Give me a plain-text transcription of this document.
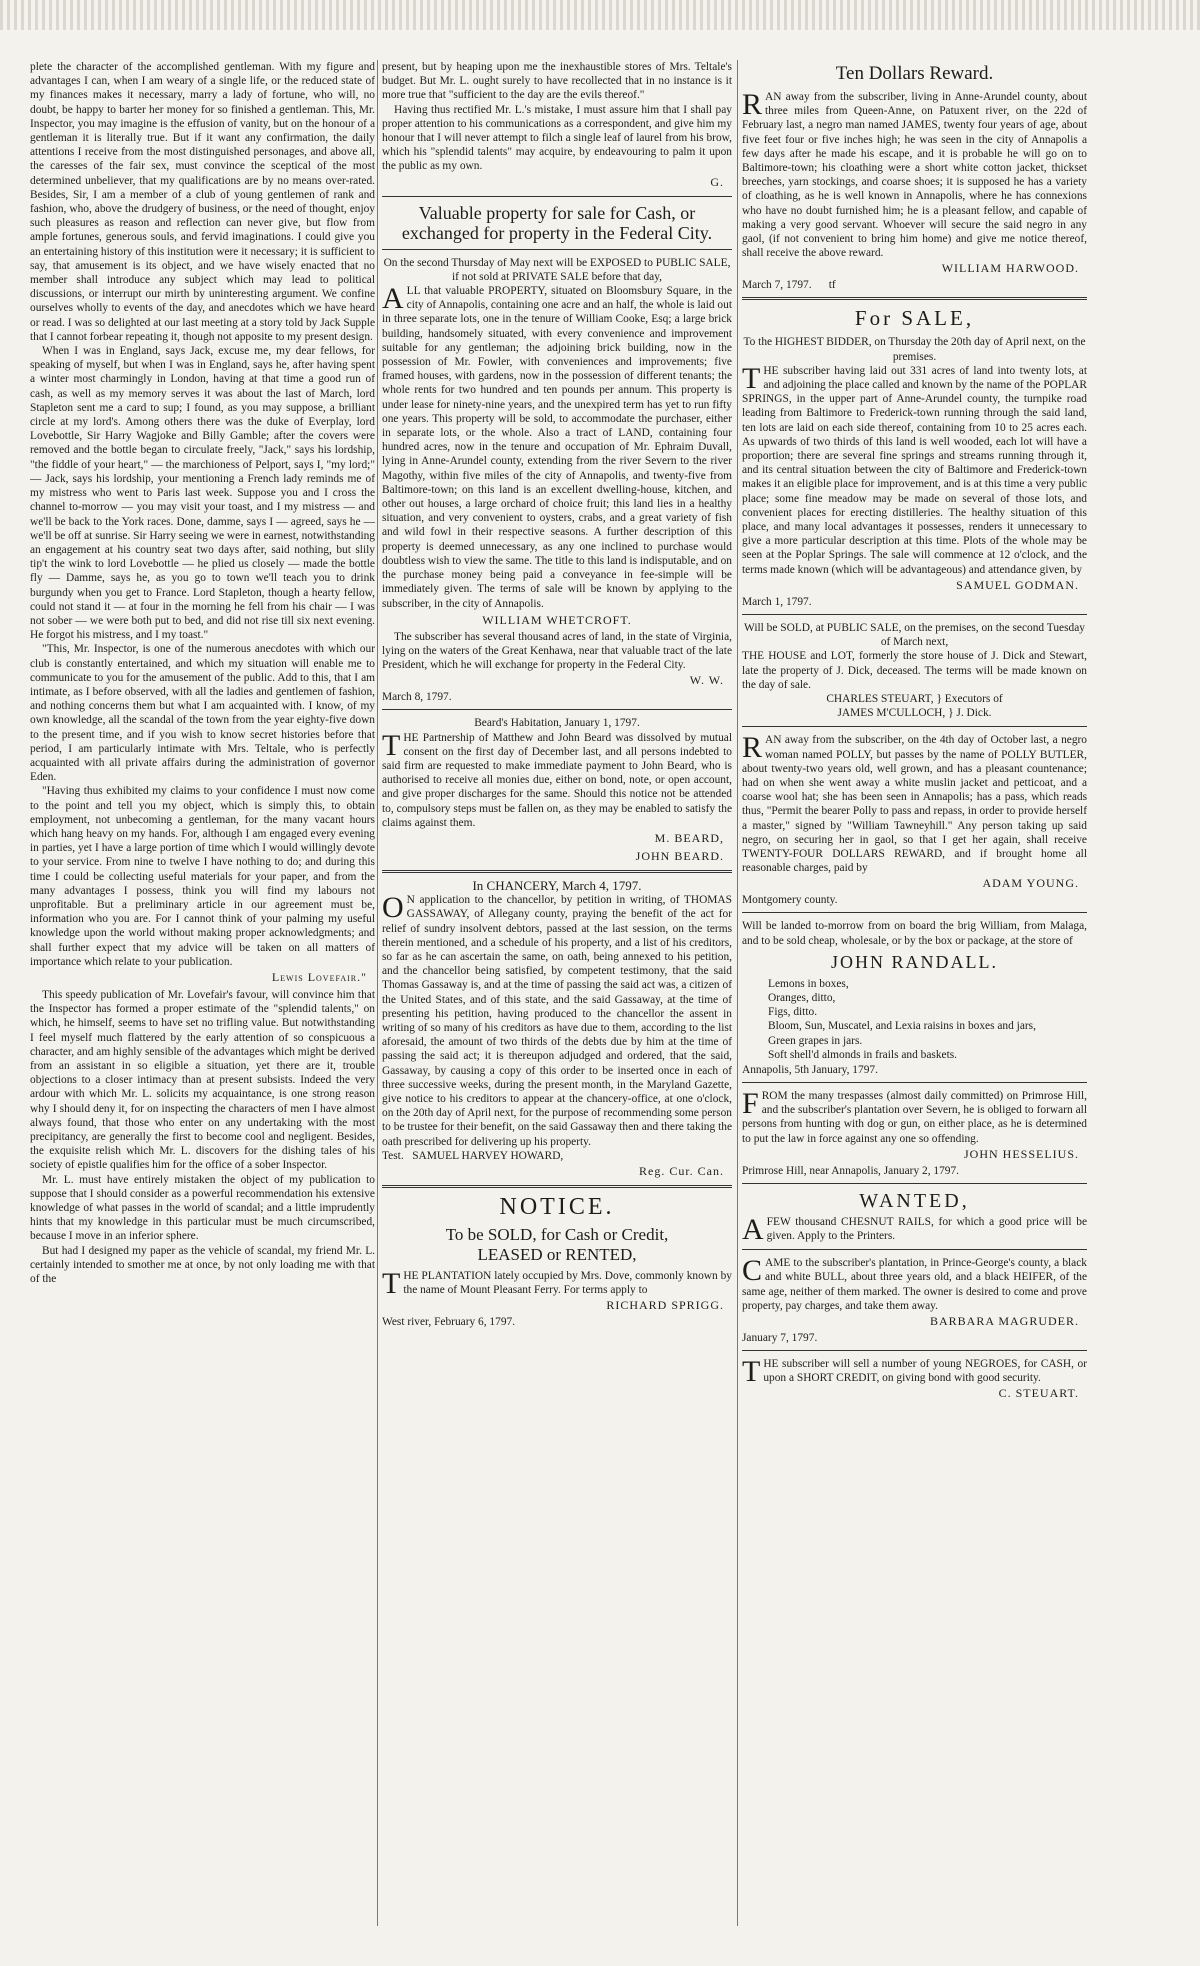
plete the character of the accomplished gentleman. With my figure and advantages I can, when I am weary of a single life, or the reduced state of my finances makes it necessary, marry a lady of fortune, who will, no doubt, be happy to barter her money for so finished a gentleman. This, Mr. Inspector, you may imagine is the effusion of vanity, but on the honour of a gentleman it is literally true. But if it want any confirmation, the daily attentions I receive from the most distinguished personages, and above all, the caresses of the fair sex, must convince the sceptical of the most determined unbeliever, that my qualifications are by no means over-rated. Besides, Sir, I am a member of a club of young gentlemen of rank and fashion, who, above the drudgery of business, or the need of thought, enjoy such pleasures as reason and reflection can never give, but flow from ample fortunes, generous souls, and fervid imaginations. I could give you an entertaining history of this institution were it necessary; it is sufficient to say, that amusement is its object, and we have wisely enacted that no member shall introduce any subject which may lead to political discussions, or interrupt our mirth by uninteresting argument. We confine ourselves wholly to events of the day, and anecdotes which we have heard or read. I was so delighted at our last meeting at a story told by Jack Supple that I cannot forbear repeating it, though not apposite to my present design.

When I was in England, says Jack, excuse me, my dear fellows, for speaking of myself, but when I was in England, says he, after having spent a winter most charmingly in London, having at that time a good run of cash, as well as my memory serves it was about the last of March, lord Stapleton sent me a card to sup; I found, as you may suppose, a brilliant circle at my lord's. Among others there was the duke of Everplay, lord Lovebottle, Sir Harry Wagjoke and Billy Gamble; after the covers were removed and the bottle began to circulate freely, "Jack," says his lordship, "the fiddle of your heart," — the marchioness of Pelport, says I, "my lord;" — Jack, says his lordship, your mentioning a French lady reminds me of my mistress who went to Paris last week. Suppose you and I cross the channel to-morrow — you may visit your toast, and I my mistress — and we'll be back to the York races. Done, damme, says I — agreed, says he — we'll be off at sunrise. Sir Harry seeing we were in earnest, notwithstanding an engagement at his country seat two days after, said nothing, but slily tip't the wink to lord Lovebottle — he plied us closely — made the bottle fly — Damme, says he, as you go to town we'll teach you to drink burgundy when you get to France. Lord Stapleton, though a hearty fellow, could not stand it — at four in the morning he fell from his chair — I was not sober — we were both put to bed, and did not rise till six next evening. He forgot his mistress, and I my toast."

"This, Mr. Inspector, is one of the numerous anecdotes with which our club is constantly entertained, and which my situation will enable me to communicate to you for the amusement of the public. Add to this, that I am intimate, as I before observed, with all the ladies and gentlemen of fashion, and nothing concerns them but what I am acquainted with. I know, of my own knowledge, all the scandal of the town from the year eighty-five down to the present time, and if you wish to know secret histories before that period, I am particularly intimate with Mrs. Teltale, who is perfectly acquainted with all private affairs during the administration of governor Eden.

"Having thus exhibited my claims to your confidence I must now come to the point and tell you my object, which is simply this, to obtain employment, not unbecoming a gentleman, for the many vacant hours which hang heavy on my hands. For, although I am engaged every evening in parties, yet I have a large portion of time which I would willingly devote to your service. From nine to twelve I have nothing to do; and during this time I could be collecting useful materials for your paper, and from the many advantages I possess, think you will find my labours not unprofitable. But a preliminary article in our agreement must be, information who you are. For I cannot think of your palming my useful knowledge upon the world without making proper acknowledgments; and shall further expect that my advice will be taken on all matters of importance which relate to your publication.

Lewis Lovefair."

This speedy publication of Mr. Lovefair's favour, will convince him that the Inspector has formed a proper estimate of the "splendid talents," on which, he himself, seems to have set no trifling value. But notwithstanding I feel myself much flattered by the early attention of so conspicuous a character, and am highly sensible of the advantages which might be derived from an assistant in so eligible a situation, yet there are it, trouble objections to a closer intimacy than at present subsists. Indeed the very ardour with which Mr. L. solicits my acquaintance, is one strong reason why I should deny it, for on inspecting the characters of men I have almost always found, that those who enter on any undertaking with the most precipitancy, are generally the first to become cool and negligent. Besides, the exquisite relish which Mr. L. discovers for the dishing tales of his society of epistle qualifies him for the office of a sober Inspector.

Mr. L. must have entirely mistaken the object of my publication to suppose that I should consider as a powerful recommendation his extensive knowledge of what passes in the world of scandal; and a little imprudently hints that my knowledge in this particular must be much circumscribed, because I move in an inferior sphere.

But had I designed my paper as the vehicle of scandal, my friend Mr. L. certainly intended to smother me at once, by not only loading me with that of the

present, but by heaping upon me the inexhaustible stores of Mrs. Teltale's budget. But Mr. L. ought surely to have recollected that in no instance is it more true that "sufficient to the day are the evils thereof."

Having thus rectified Mr. L.'s mistake, I must assure him that I shall pay proper attention to his communications as a correspondent, and give him my honour that I will never attempt to filch a single leaf of laurel from his brow, which his "splendid talents" may acquire, by endeavouring to palm it upon the public as my own.

G.

Valuable property for sale for Cash, or exchanged for property in the Federal City.

On the second Thursday of May next will be EXPOSED to PUBLIC SALE, if not sold at PRIVATE SALE before that day,

ALL that valuable PROPERTY, situated on Bloomsbury Square, in the city of Annapolis, containing one acre and an half, the whole is laid out in three separate lots, one in the tenure of William Cooke, Esq; a large brick building, handsomely situated, with every convenience and improvement suitable for any gentleman; the adjoining brick building, now in the possession of Mr. Fowler, with conveniences and improvements; five framed houses, with gardens, now in the possession of different tenants; the whole rents for two hundred and ten pounds per annum. This property is under lease for ninety-nine years, and the unexpired term has yet to run fifty one years. This property will be sold, to accommodate the purchaser, either in separate lots, or the whole. Also a tract of LAND, containing four hundred acres, now in the tenure and occupation of Mr. Ephraim Duvall, lying in Anne-Arundel county, extending from the river Severn to the river Magothy, within five miles of the city of Annapolis, and twenty-five from Baltimore-town; on this land is an excellent dwelling-house, kitchen, and other out houses, a large orchard of choice fruit; this land lies in a healthy situation, and very convenient to oysters, crabs, and a great variety of fish and wild fowl in their respective seasons. A further description of this property is deemed unnecessary, as any one inclined to purchase would doubtless wish to view the same. The title to this land is indisputable, and on the purchase money being paid a conveyance in fee-simple will be immediately given. The terms of sale will be known by applying to the subscriber, in the city of Annapolis.

WILLIAM WHETCROFT.

The subscriber has several thousand acres of land, in the state of Virginia, lying on the waters of the Great Kenhawa, near that valuable tract of the late President, which he will exchange for property in the Federal City.

W. W.

March 8, 1797.

Beard's Habitation, January 1, 1797.

THE Partnership of Matthew and John Beard was dissolved by mutual consent on the first day of December last, and all persons indebted to said firm are requested to make immediate payment to John Beard, who is authorised to receive all monies due, either on bond, note, or open account, and give proper discharges for the same. Should this notice not be attended to, compulsory steps must be fallen on, as they may be enabled to satisfy the claims against them.

M. BEARD,

JOHN BEARD.

In CHANCERY, March 4, 1797.

O N application to the chancellor, by petition in writing, of THOMAS GASSAWAY, of Allegany county, praying the benefit of the act for relief of sundry insolvent debtors, passed at the last session, on the terms therein mentioned, and a schedule of his property, and a list of his creditors, so far as he can ascertain the same, on oath, being annexed to his petition, and the chancellor being satisfied, by competent testimony, that the said Thomas Gassaway is, and at the time of passing the said act was, a citizen of the United States, and of this state, and the said Gassaway, at the time of presenting his petition, having produced to the chancellor the assent in writing of so many of his creditors as have due to them, according to the list aforesaid, the amount of two thirds of the debts due by him at the time of passing the said act; it is thereupon adjudged and ordered, that the said, Gassaway, by causing a copy of this order to be inserted once in each of three successive weeks, during the present month, in the Maryland Gazette, give notice to his creditors to appear at the chancery-office, at one o'clock, on the 20th day of April next, for the purpose of recommending some person to be trustee for their benefit, on the said Gassaway then and there taking the oath prescribed for delivering up his property.

Test. SAMUEL HARVEY HOWARD,

Reg. Cur. Can.

NOTICE.

To be SOLD, for Cash or Credit,

LEASED or RENTED,

THE PLANTATION lately occupied by Mrs. Dove, commonly known by the name of Mount Pleasant Ferry. For terms apply to

RICHARD SPRIGG.

West river, February 6, 1797.

Ten Dollars Reward.

RAN away from the subscriber, living in Anne-Arundel county, about three miles from Queen-Anne, on Patuxent river, on the 22d of February last, a negro man named JAMES, twenty four years of age, about five feet four or five inches high; he was seen in the city of Annapolis a few days after he made his escape, and it is probable he will go on to Baltimore-town; his cloathing were a short white cotton jacket, thickset breeches, yarn stockings, and coarse shoes; it is supposed he has a variety of cloathing, as he is well known in Annapolis, where he has connexions who have no doubt furnished him; he is a pleasant fellow, and capable of making a very good servant. Whoever will secure the said negro in any gaol, (if not convenient to bring him home) and give me notice thereof, shall receive the above reward.

WILLIAM HARWOOD.

March 7, 1797. tf

For SALE,

To the HIGHEST BIDDER, on Thursday the 20th day of April next, on the premises.

THE subscriber having laid out 331 acres of land into twenty lots, at and adjoining the place called and known by the name of the POPLAR SPRINGS, in the upper part of Anne-Arundel county, the turnpike road leading from Baltimore to Frederick-town running through the said land, ten lots are laid on each side thereof, containing from 10 to 25 acres each. As upwards of two thirds of this land is well wooded, each lot will have a proportion; there are several fine springs and streams running through it, and its central situation between the city of Baltimore and Frederick-town makes it an eligible place for improvement, and is at this time a very public place; some fine meadow may be made on several of those lots, and convenient places for erecting distilleries. The healthy situation of this place, and many local advantages it possesses, renders it unnecessary to give a more particular description at this time. Plots of the whole may be seen at the Poplar Springs. The sale will commence at 12 o'clock, and the terms made known (which will be advantageous) and attendance given, by

SAMUEL GODMAN.

March 1, 1797.

Will be SOLD, at PUBLIC SALE, on the premises, on the second Tuesday of March next,

THE HOUSE and LOT, formerly the store house of J. Dick and Stewart, late the property of J. Dick, deceased. The terms will be made known on the day of sale.

CHARLES STEUART, } Executors of

JAMES M'CULLOCH, } J. Dick.

RAN away from the subscriber, on the 4th day of October last, a negro woman named POLLY, but passes by the name of POLLY BUTLER, about twenty-two years old, well grown, and has a pleasant countenance; had on when she went away a white muslin jacket and petticoat, and a coarse wool hat; she has been seen in Annapolis; has a pass, which reads thus, "Permit the bearer Polly to pass and repass, in order to provide herself a master," signed by "William Tawneyhill." Any person taking up said negro, on securing her in gaol, so that I get her again, shall receive TWENTY-FOUR DOLLARS REWARD, and if brought home all reasonable charges, paid by

ADAM YOUNG.

Montgomery county.

Will be landed to-morrow from on board the brig William, from Malaga, and to be sold cheap, wholesale, or by the box or package, at the store of

JOHN RANDALL.

Lemons in boxes,

Oranges, ditto,

Figs, ditto.

Bloom, Sun, Muscatel, and Lexia raisins in boxes and jars,

Green grapes in jars.

Soft shell'd almonds in frails and baskets.

Annapolis, 5th January, 1797.

FROM the many trespasses (almost daily committed) on Primrose Hill, and the subscriber's plantation over Severn, he is obliged to forwarn all persons from hunting with dog or gun, on either place, as he is determined to put the law in force against any one so offending.

JOHN HESSELIUS.

Primrose Hill, near Annapolis, January 2, 1797.

WANTED,

AFEW thousand CHESNUT RAILS, for which a good price will be given. Apply to the Printers.

CAME to the subscriber's plantation, in Prince-George's county, a black and white BULL, about three years old, and a black HEIFER, of the same age, neither of them marked. The owner is desired to come and prove property, pay charges, and take them away.

BARBARA MAGRUDER.

January 7, 1797.

THE subscriber will sell a number of young NEGROES, for CASH, or upon a SHORT CREDIT, on giving bond with good security.

C. STEUART.
